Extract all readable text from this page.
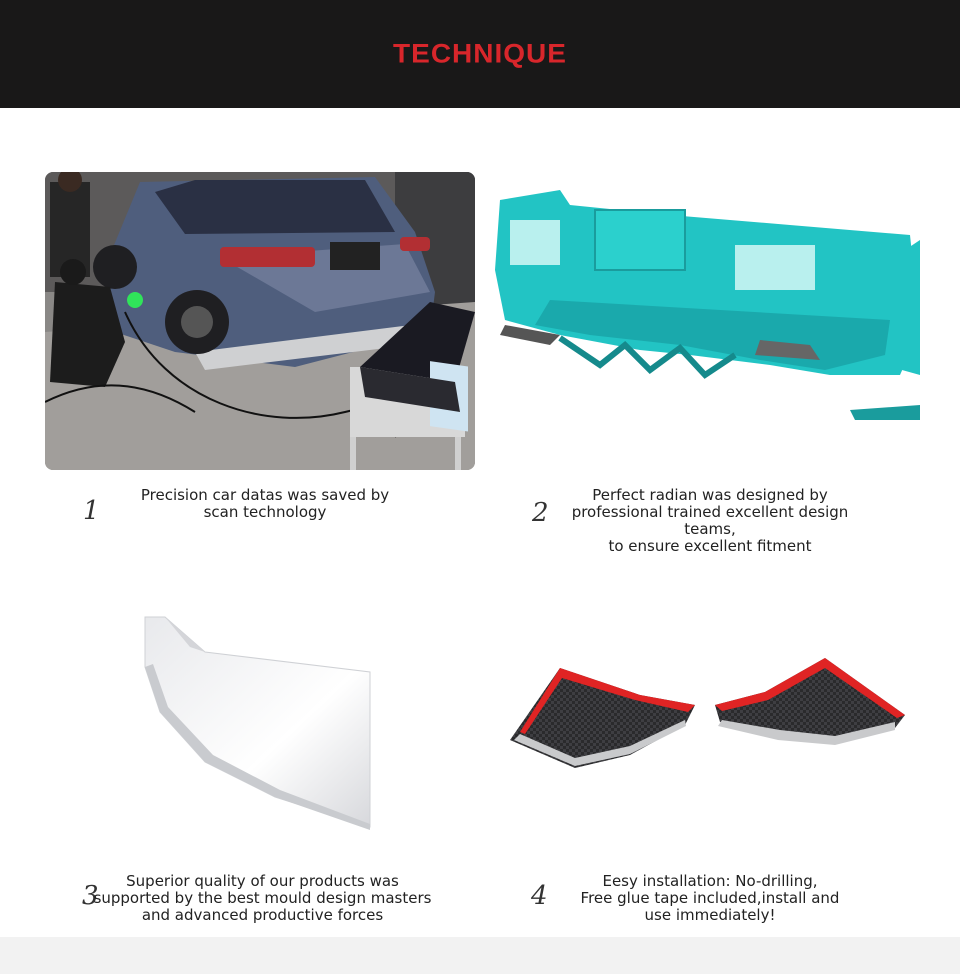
TECHNIQUE
1
Precision car datas was saved by
scan technology	2
Perfect radian was designed by
professional trained excellent design teams,
to ensure excellent fitment
3	Superior quality of our products was
supported by the best mould design masters
and advanced productive forces
4	Eesy installation: No-drilling,
Free glue tape included,install and
use immediately!
